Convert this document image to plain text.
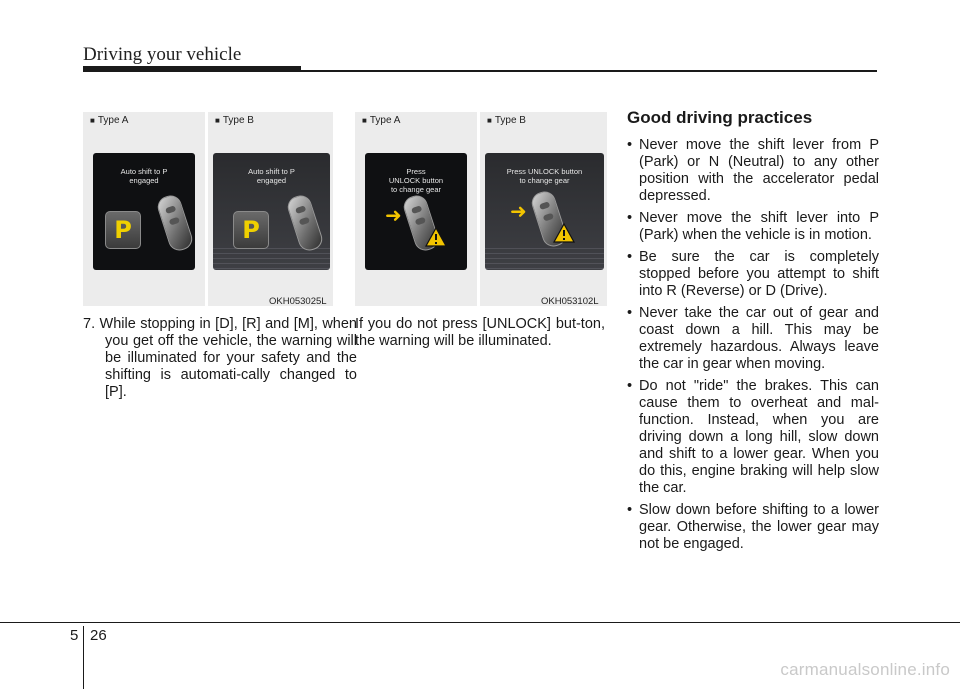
Driving your vehicle
■ Type A
Auto shift to P
engaged
P
■ Type B
Auto shift to P
engaged
P
OKH053025L
■ Type A
Press
UNLOCK button
to change gear
➜
■ Type B
Press UNLOCK button
to change gear
➜
OKH053102L
7. While stopping in [D], [R] and [M], when you get off the vehicle, the warning will be illuminated for your safety and the shifting is automati-cally changed to [P].
If you do not press [UNLOCK] but-ton, the warning will be illuminated.
Good driving practices
• Never move the shift lever from P (Park) or N (Neutral) to any other position with the accelerator pedal depressed.
• Never move the shift lever into P (Park) when the vehicle is in motion.
• Be sure the car is completely stopped before you attempt to shift into R (Reverse) or D (Drive).
• Never take the car out of gear and coast down a hill. This may be extremely hazardous. Always leave the car in gear when moving.
• Do not "ride" the brakes. This can cause them to overheat and mal-function. Instead, when you are driving down a long hill, slow down and shift to a lower gear. When you do this, engine braking will help slow the car.
• Slow down before shifting to a lower gear. Otherwise, the lower gear may not be engaged.
5 26
carmanualsonline.info
